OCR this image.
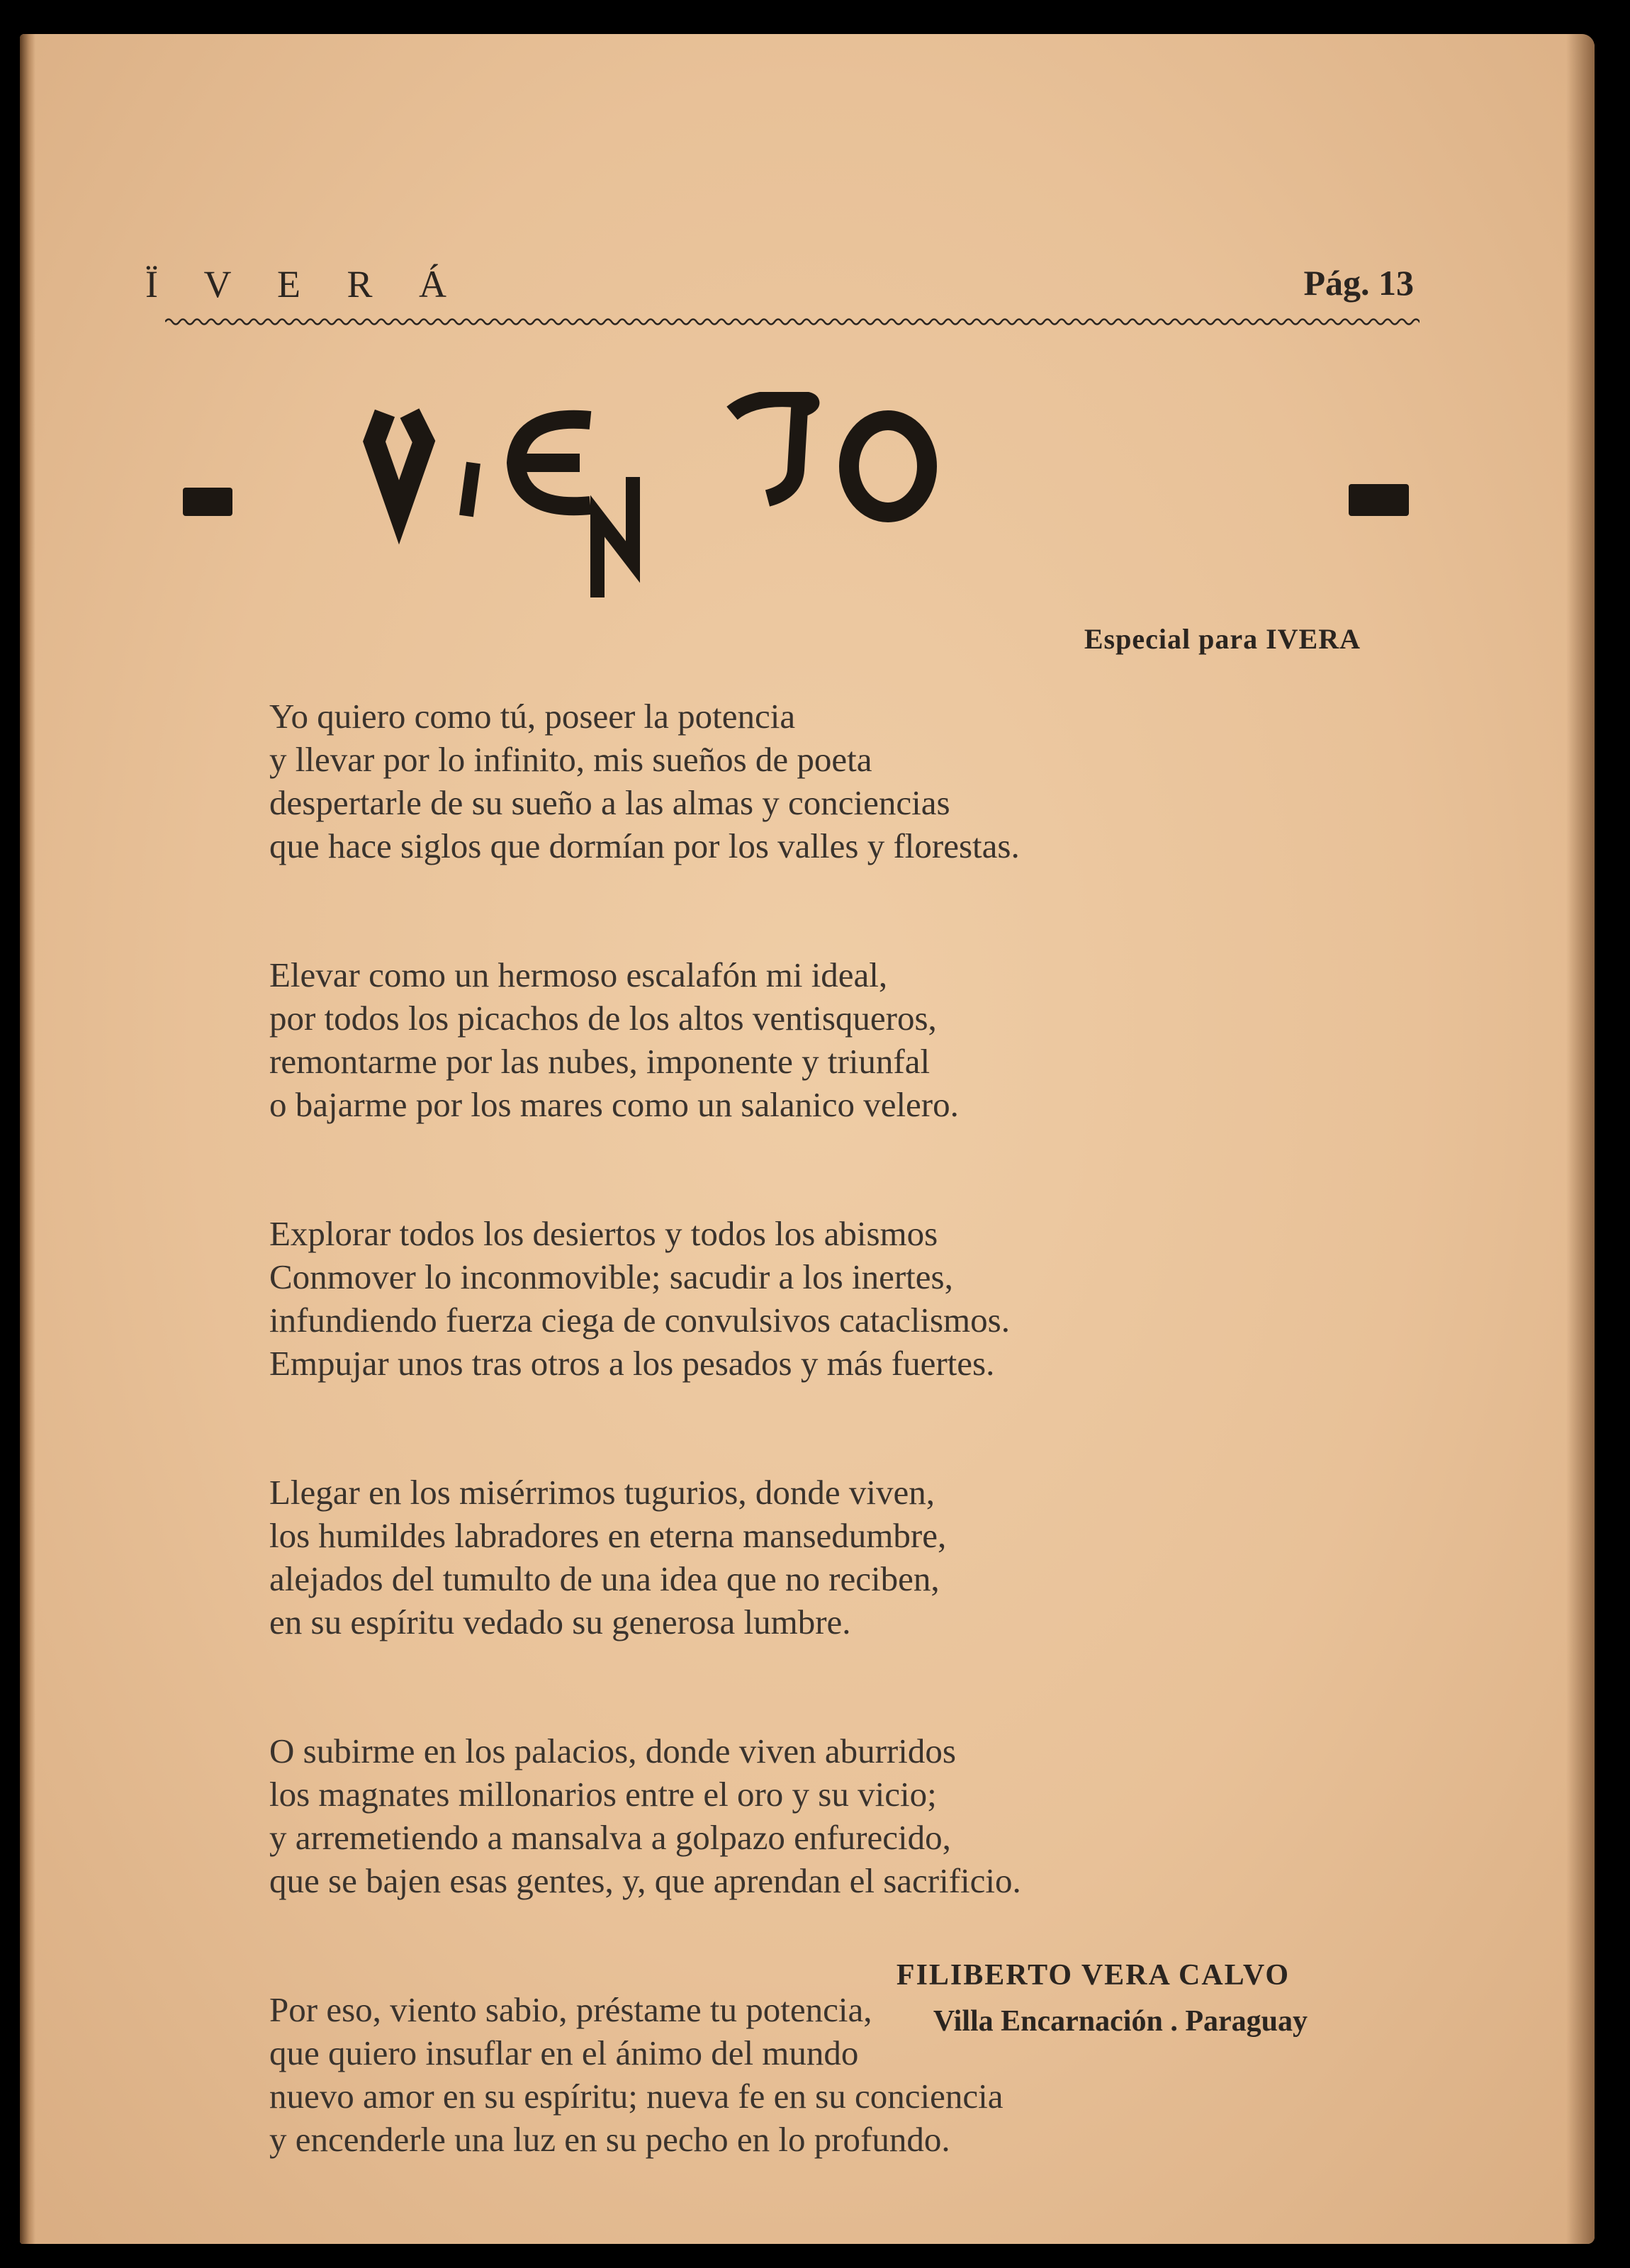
Ï V E R Á	Pág. 13
Especial para IVERA
Yo quiero como tú, poseer la potencia
y llevar por lo infinito, mis sueños de poeta
despertarle de su sueño a las almas y conciencias
que hace siglos que dormían por los valles y florestas.
Elevar como un hermoso escalafón mi ideal,
por todos los picachos de los altos ventisqueros,
remontarme por las nubes, imponente y triunfal
o bajarme por los mares como un salanico velero.
Explorar todos los desiertos y todos los abismos
Conmover lo inconmovible; sacudir a los inertes,
infundiendo fuerza ciega de convulsivos cataclismos.
Empujar unos tras otros a los pesados y más fuertes.
Llegar en los misérrimos tugurios, donde viven,
los humildes labradores en eterna mansedumbre,
alejados del tumulto de una idea que no reciben,
en su espíritu vedado su generosa lumbre.
O subirme en los palacios, donde viven aburridos
los magnates millonarios entre el oro y su vicio;
y arremetiendo a mansalva a golpazo enfurecido,
que se bajen esas gentes, y, que aprendan el sacrificio.
Por eso, viento sabio, préstame tu potencia,
que quiero insuflar en el ánimo del mundo
nuevo amor en su espíritu; nueva fe en su conciencia
y encenderle una luz en su pecho en lo profundo.
FILIBERTO VERA CALVO
Villa Encarnación . Paraguay
